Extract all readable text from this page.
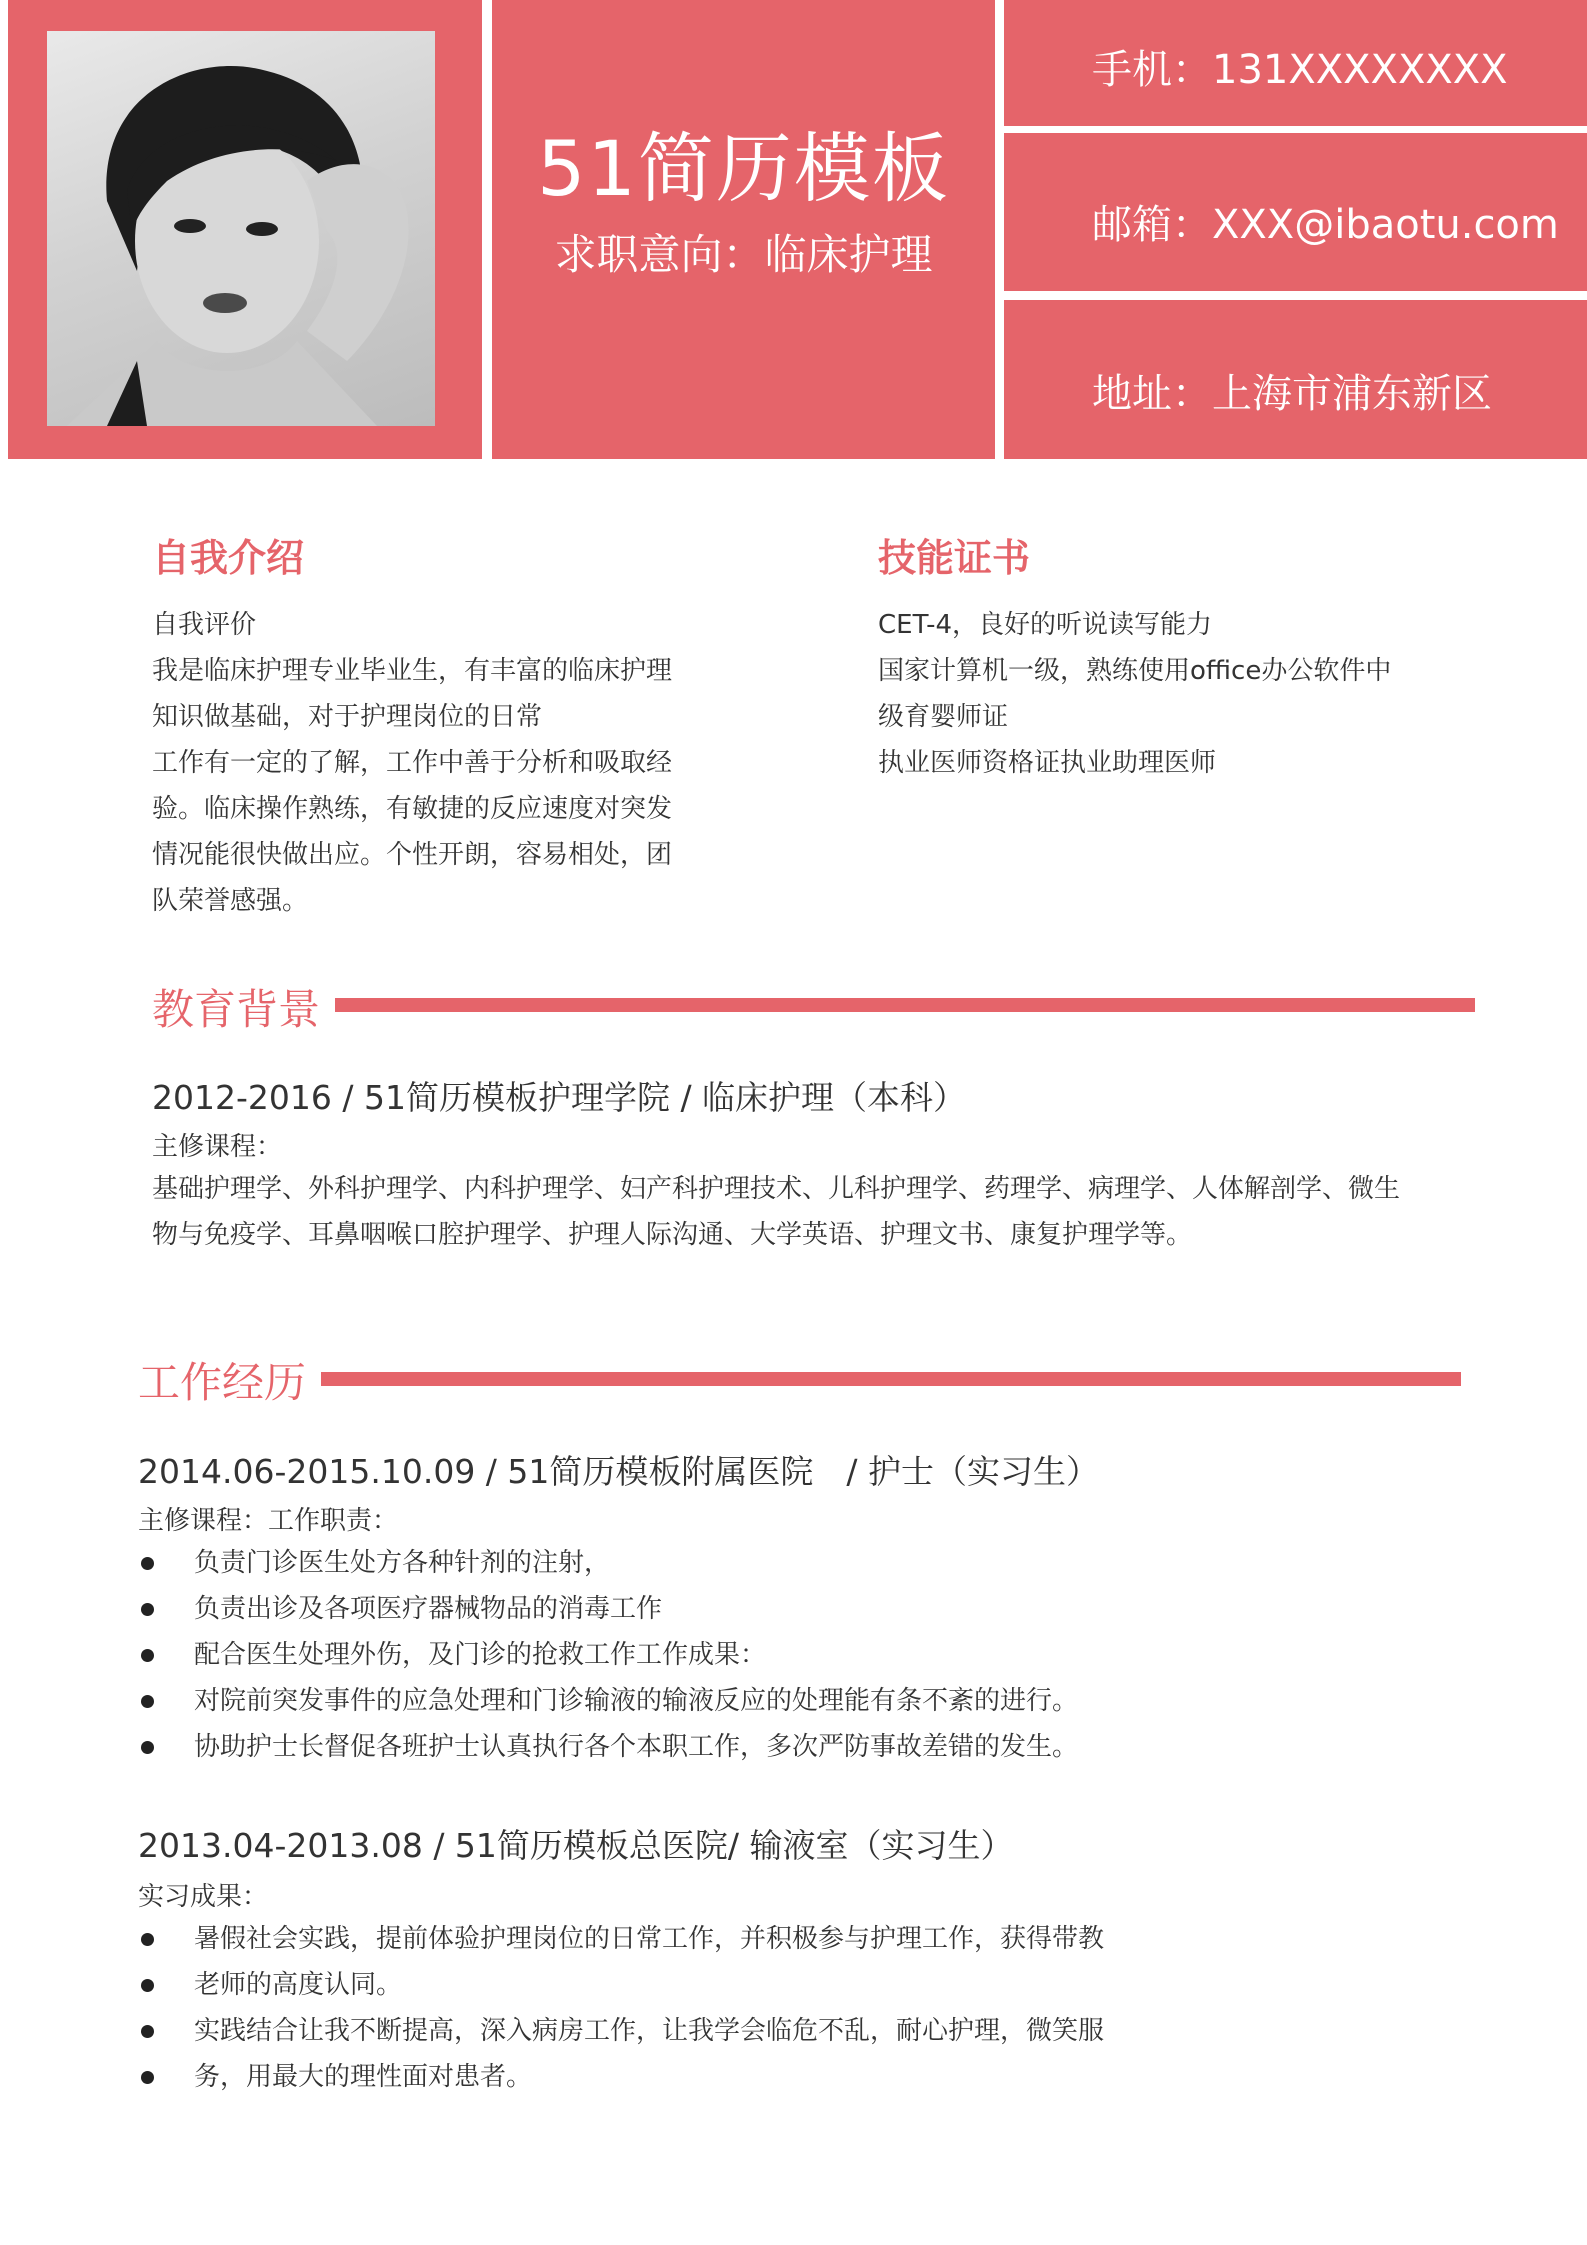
51简历模板
求职意向：临床护理
手机：131XXXXXXXX
邮箱：XXX@ibaotu.com
地址：上海市浦东新区
自我介绍
自我评价
我是临床护理专业毕业生，有丰富的临床护理
知识做基础，对于护理岗位的日常
工作有一定的了解，工作中善于分析和吸取经
验。临床操作熟练，有敏捷的反应速度对突发
情况能很快做出应。个性开朗，容易相处，团
队荣誉感强。
技能证书
CET-4，良好的听说读写能力
国家计算机一级，熟练使用office办公软件中
级育婴师证
执业医师资格证执业助理医师
教育背景
2012-2016 / 51简历模板护理学院 / 临床护理（本科）
主修课程：
基础护理学、外科护理学、内科护理学、妇产科护理技术、儿科护理学、药理学、病理学、人体解剖学、微生
物与免疫学、耳鼻咽喉口腔护理学、护理人际沟通、大学英语、护理文书、康复护理学等。
工作经历
2014.06-2015.10.09 / 51简历模板附属医院　/ 护士（实习生）
主修课程：工作职责：
负责门诊医生处方各种针剂的注射，
负责出诊及各项医疗器械物品的消毒工作
配合医生处理外伤，及门诊的抢救工作工作成果：
对院前突发事件的应急处理和门诊输液的输液反应的处理能有条不紊的进行。
协助护士长督促各班护士认真执行各个本职工作，多次严防事故差错的发生。
2013.04-2013.08 / 51简历模板总医院/ 输液室（实习生）
实习成果：
暑假社会实践，提前体验护理岗位的日常工作，并积极参与护理工作，获得带教
老师的高度认同。
实践结合让我不断提高，深入病房工作，让我学会临危不乱，耐心护理，微笑服
务，用最大的理性面对患者。
